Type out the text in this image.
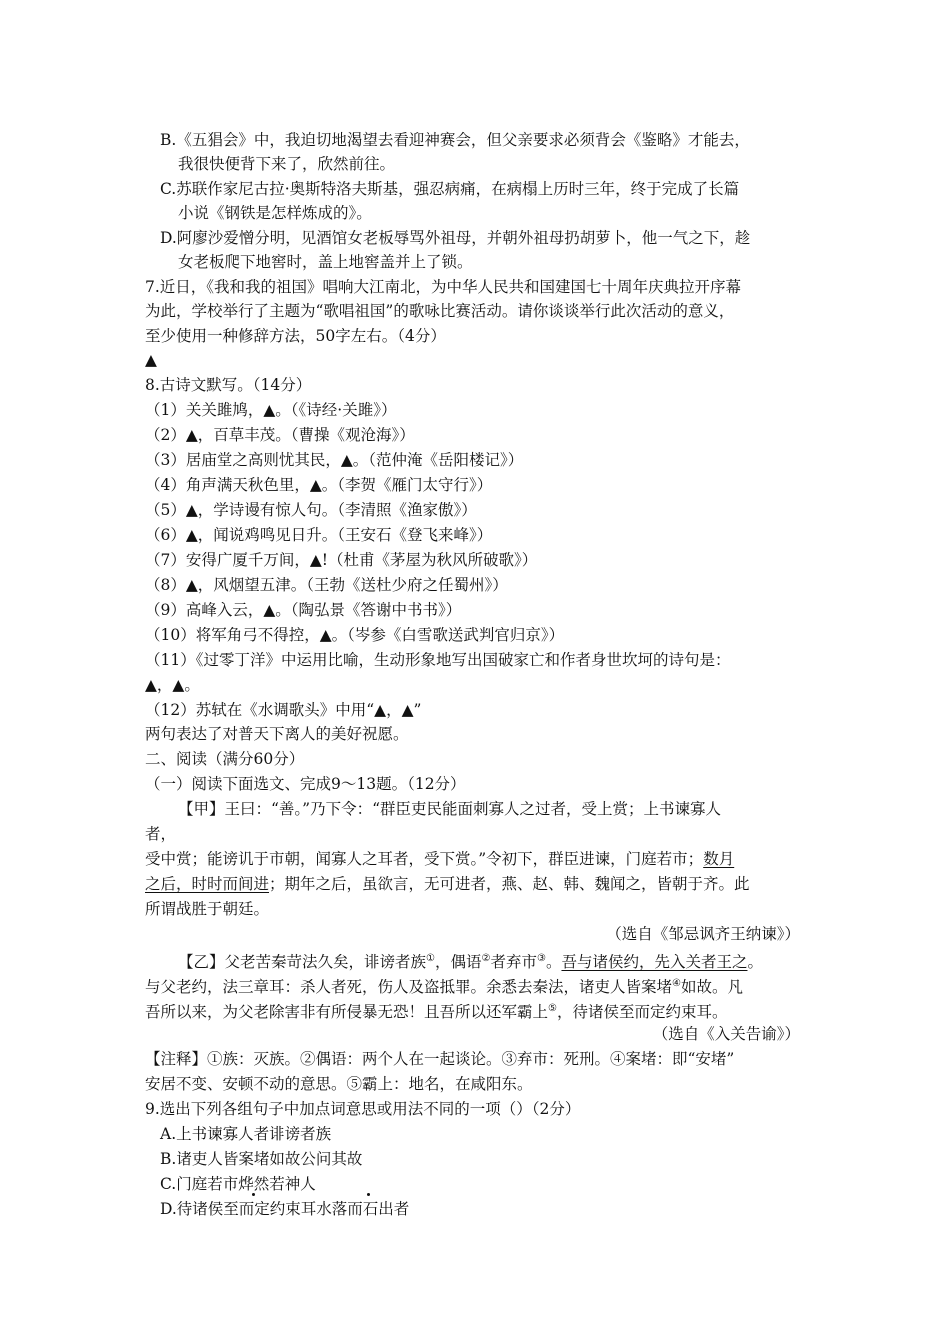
B.《五猖会》中，我迫切地渴望去看迎神赛会，但父亲要求必须背会《鉴略》才能去，
我很快便背下来了，欣然前往。
C.苏联作家尼古拉·奥斯特洛夫斯基，强忍病痛，在病榻上历时三年，终于完成了长篇
小说《钢铁是怎样炼成的》。
D.阿廖沙爱憎分明，见酒馆女老板辱骂外祖母，并朝外祖母扔胡萝卜，他一气之下，趁
女老板爬下地窖时，盖上地窖盖并上了锁。
7.近日，《我和我的祖国》唱响大江南北，为中华人民共和国建国七十周年庆典拉开序幕
为此，学校举行了主题为“歌唱祖国”的歌咏比赛活动。请你谈谈举行此次活动的意义，
至少使用一种修辞方法，50字左右。（4分）
▲
8.古诗文默写。（14分）
（1）关关雎鸠，▲。（《诗经·关雎》）
（2）▲，百草丰茂。（曹操《观沧海》）
（3）居庙堂之高则忧其民，▲。（范仲淹《岳阳楼记》）
（4）角声满天秋色里，▲。（李贺《雁门太守行》）
（5）▲，学诗谩有惊人句。（李清照《渔家傲》）
（6）▲，闻说鸡鸣见日升。（王安石《登飞来峰》）
（7）安得广厦千万间，▲!（杜甫《茅屋为秋风所破歌》）
（8）▲，风烟望五津。（王勃《送杜少府之任蜀州》）
（9）高峰入云，▲。（陶弘景《答谢中书书》）
（10）将军角弓不得控，▲。（岑参《白雪歌送武判官归京》）
（11）《过零丁洋》中运用比喻，生动形象地写出国破家亡和作者身世坎坷的诗句是：
▲，▲。
（12）苏轼在《水调歌头》中用“▲，▲”
两句表达了对普天下离人的美好祝愿。
二、阅读（满分60分）
（一）阅读下面选文、完成9～13题。（12分）
【甲】王曰：“善。”乃下令：“群臣吏民能面刺寡人之过者，受上赏；上书谏寡人
者，
受中赏；能谤讥于市朝，闻寡人之耳者，受下赏。”令初下，群臣进谏，门庭若市；数月
之后，时时而间进；期年之后，虽欲言，无可进者，燕、赵、韩、魏闻之，皆朝于齐。此
所谓战胜于朝廷。
（选自《邹忌讽齐王纳谏》）
【乙】父老苦秦苛法久矣，诽谤者族①，偶语②者弃市③。吾与诸侯约，先入关者王之。
与父老约，法三章耳：杀人者死，伤人及盗抵罪。余悉去秦法，诸吏人皆案堵④如故。凡
吾所以来，为父老除害非有所侵暴无恐！且吾所以还军霸上⑤，待诸侯至而定约束耳。
（选自《入关告谕》）
【注释】①族：灭族。②偶语：两个人在一起谈论。③弃市：死刑。④案堵：即“安堵”
安居不变、安顿不动的意思。⑤霸上：地名，在咸阳东。
9.选出下列各组句子中加点词意思或用法不同的一项（）（2分）
A.上书谏寡人者诽谤者族
B.诸吏人皆案堵如故公问其故
C.门庭若市烨然若神人
D.待诸侯至而定约束耳水落而石出者
